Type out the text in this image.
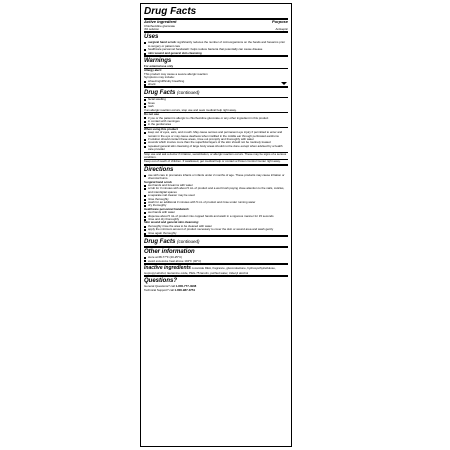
Drug Facts
Active ingredient	Purpose
Chlorhexidine gluconate
4% solution	Antiseptic
Uses
surgical hand scrub: significantly reduces the number of microorganisms on the hands and forearms prior to surgery or patient care
healthcare personnel handwash: helps reduce bacteria that potentially can cause disease
skin wound and general skin cleansing
Warnings
For external use only
Allergy alert:
This product may cause a severe allergic reaction
Symptoms may include:
wheezing/difficulty breathing
shock
Drug Facts (continued)
facial swelling
hives
rash
If an allergic reaction occurs, stop use and seek medical help right away.
Do not use
if you or the patient is allergic to chlorhexidine gluconate or any other ingredient in this product
in contact with meninges
in the genital area
When using this product
keep out of eyes, ears, and mouth. May cause serious and permanent eye injury if permitted to enter and remain in the eye or may cause deafness when instilled in the middle ear through perforated eardrums
if solution should contact these areas, rinse out promptly and thoroughly with water
wounds which involve more than the superficial layers of the skin should not be routinely treated
repeated general skin cleansing of large body areas should not be done except when advised by a health care provider
Stop use and ask a doctor if irritation, sensitization, or allergic reaction occurs. These may be signs of a serious condition.
Keep out of reach of children. If swallowed, get medical help or contact a Poison Control Center right away.
Directions
use with care in premature infants or infants under 2 months of age. These products may cause irritation or chemical burns.
Surgical hand scrub
wet hands and forearms with water
scrub for 3 minutes with about 5 mL of product and a wet brush paying close attention to the nails, cuticles, and interdigital spaces
a separate nail cleaner may be used
rinse thoroughly
wash for an additional 3 minutes with 5 mL of product and rinse under running water
dry thoroughly
Healthcare personnel handwash:
wet hands with water
dispense about 5 mL of product into cupped hands and wash in a vigorous manner for 15 seconds
rinse and dry thoroughly
Skin wound and general skin cleansing:
thoroughly rinse the area to be cleaned with water
apply the minimum amount of product necessary to cover the skin or wound area and wash gently
rinse again thoroughly
Drug Facts (continued)
Other information
store at 68-77°F (20-25°C)
avoid excessive heat above 104°F (40°C)
Inactive ingredients cocamide DEA, fragrance, gluconolactone, hydroxyethylcellulose, isopropyl alcohol, lauramine oxide, PEG-75 lanolin, purified water, tridecyl alcohol
Questions?
General Questions? call 1-800-777-4908
Technical Support? call 1-800-987-3751
